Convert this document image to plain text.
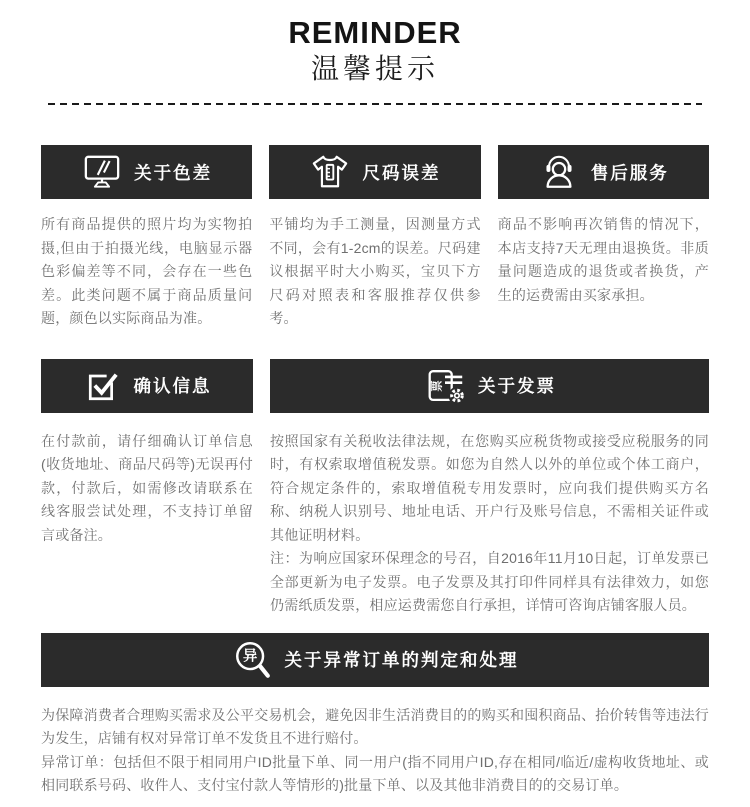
REMINDER
温馨提示
关于色差	尺码误差	售后服务

所有商品提供的照片均为实物拍摄,但由于拍摄光线，电脑显示器色彩偏差等不同，会存在一些色差。此类问题不属于商品质量问题，颜色以实际商品为准。

平铺均为手工测量，因测量方式不同，会有1-2cm的误差。尺码建议根据平时大小购买，宝贝下方尺码对照表和客服推荐仅供参考。

商品不影响再次销售的情况下，本店支持7天无理由退换货。非质量问题造成的退货或者换货，产生的运费需由买家承担。

确认信息	票 关于发票

在付款前，请仔细确认订单信息(收货地址、商品尺码等)无误再付款，付款后，如需修改请联系在线客服尝试处理，不支持订单留言或备注。

按照国家有关税收法律法规，在您购买应税货物或接受应税服务的同时，有权索取增值税发票。如您为自然人以外的单位或个体工商户，符合规定条件的，索取增值税专用发票时，应向我们提供购买方名称、纳税人识别号、地址电话、开户行及账号信息，不需相关证件或其他证明材料。

注：为响应国家环保理念的号召，自2016年11月10日起，订单发票已全部更新为电子发票。电子发票及其打印件同样具有法律效力，如您仍需纸质发票，相应运费需您自行承担，详情可咨询店铺客服人员。

异 关于异常订单的判定和处理

为保障消费者合理购买需求及公平交易机会，避免因非生活消费目的的购买和囤积商品、抬价转售等违法行为发生，店铺有权对异常订单不发货且不进行赔付。

异常订单：包括但不限于相同用户ID批量下单、同一用户(指不同用户ID,存在相同/临近/虚构收货地址、或相同联系号码、收件人、支付宝付款人等情形的)批量下单、以及其他非消费目的的交易订单。
